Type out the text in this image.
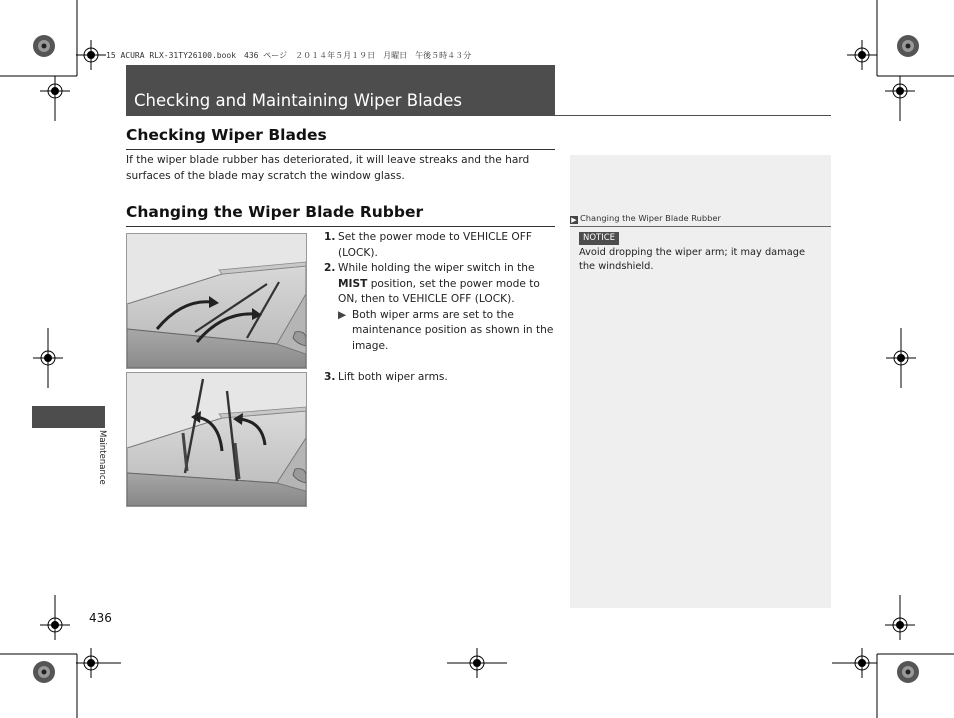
15 ACURA RLX-31TY26100.book　436 ページ　２０１４年５月１９日　月曜日　午後５時４３分
Checking and Maintaining Wiper Blades
Checking Wiper Blades
If the wiper blade rubber has deteriorated, it will leave streaks and the hard surfaces of the blade may scratch the window glass.
Changing the Wiper Blade Rubber
1. Set the power mode to VEHICLE OFF (LOCK).
2. While holding the wiper switch in the MIST position, set the power mode to ON, then to VEHICLE OFF (LOCK).
▶ Both wiper arms are set to the maintenance position as shown in the image.
3. Lift both wiper arms.
▶ Changing the Wiper Blade Rubber
NOTICE
Avoid dropping the wiper arm; it may damage the windshield.
Maintenance
436
